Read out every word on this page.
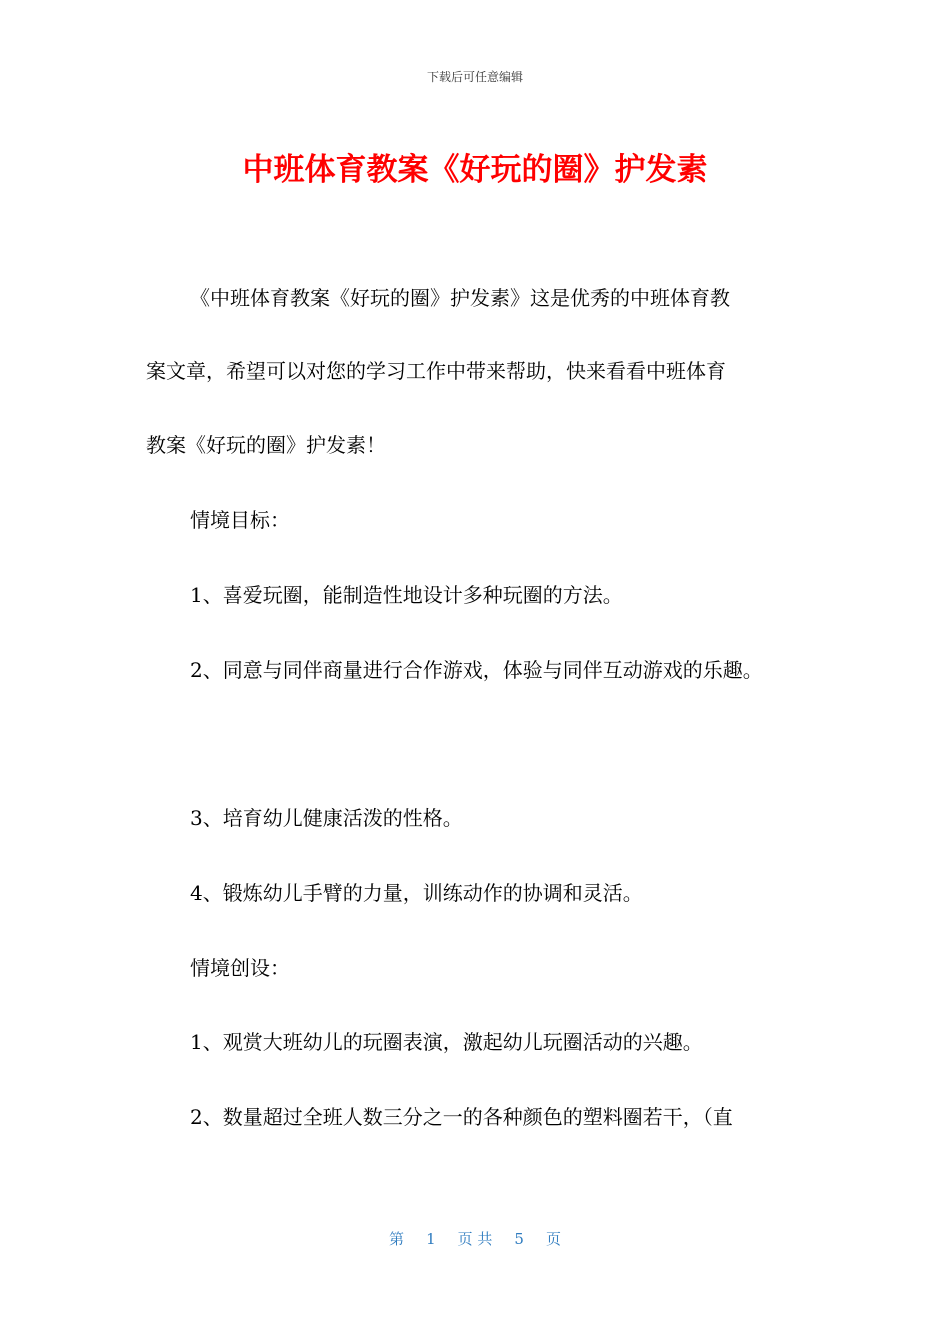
下载后可任意编辑
中班体育教案《好玩的圈》护发素
《中班体育教案《好玩的圈》护发素》这是优秀的中班体育教
案文章，希望可以对您的学习工作中带来帮助，快来看看中班体育
教案《好玩的圈》护发素！
情境目标：
1、喜爱玩圈，能制造性地设计多种玩圈的方法。
2、同意与同伴商量进行合作游戏，体验与同伴互动游戏的乐趣。
3、培育幼儿健康活泼的性格。
4、锻炼幼儿手臂的力量，训练动作的协调和灵活。
情境创设：
1、观赏大班幼儿的玩圈表演，激起幼儿玩圈活动的兴趣。
2、数量超过全班人数三分之一的各种颜色的塑料圈若干，（直
第 1 页 共 5 页
